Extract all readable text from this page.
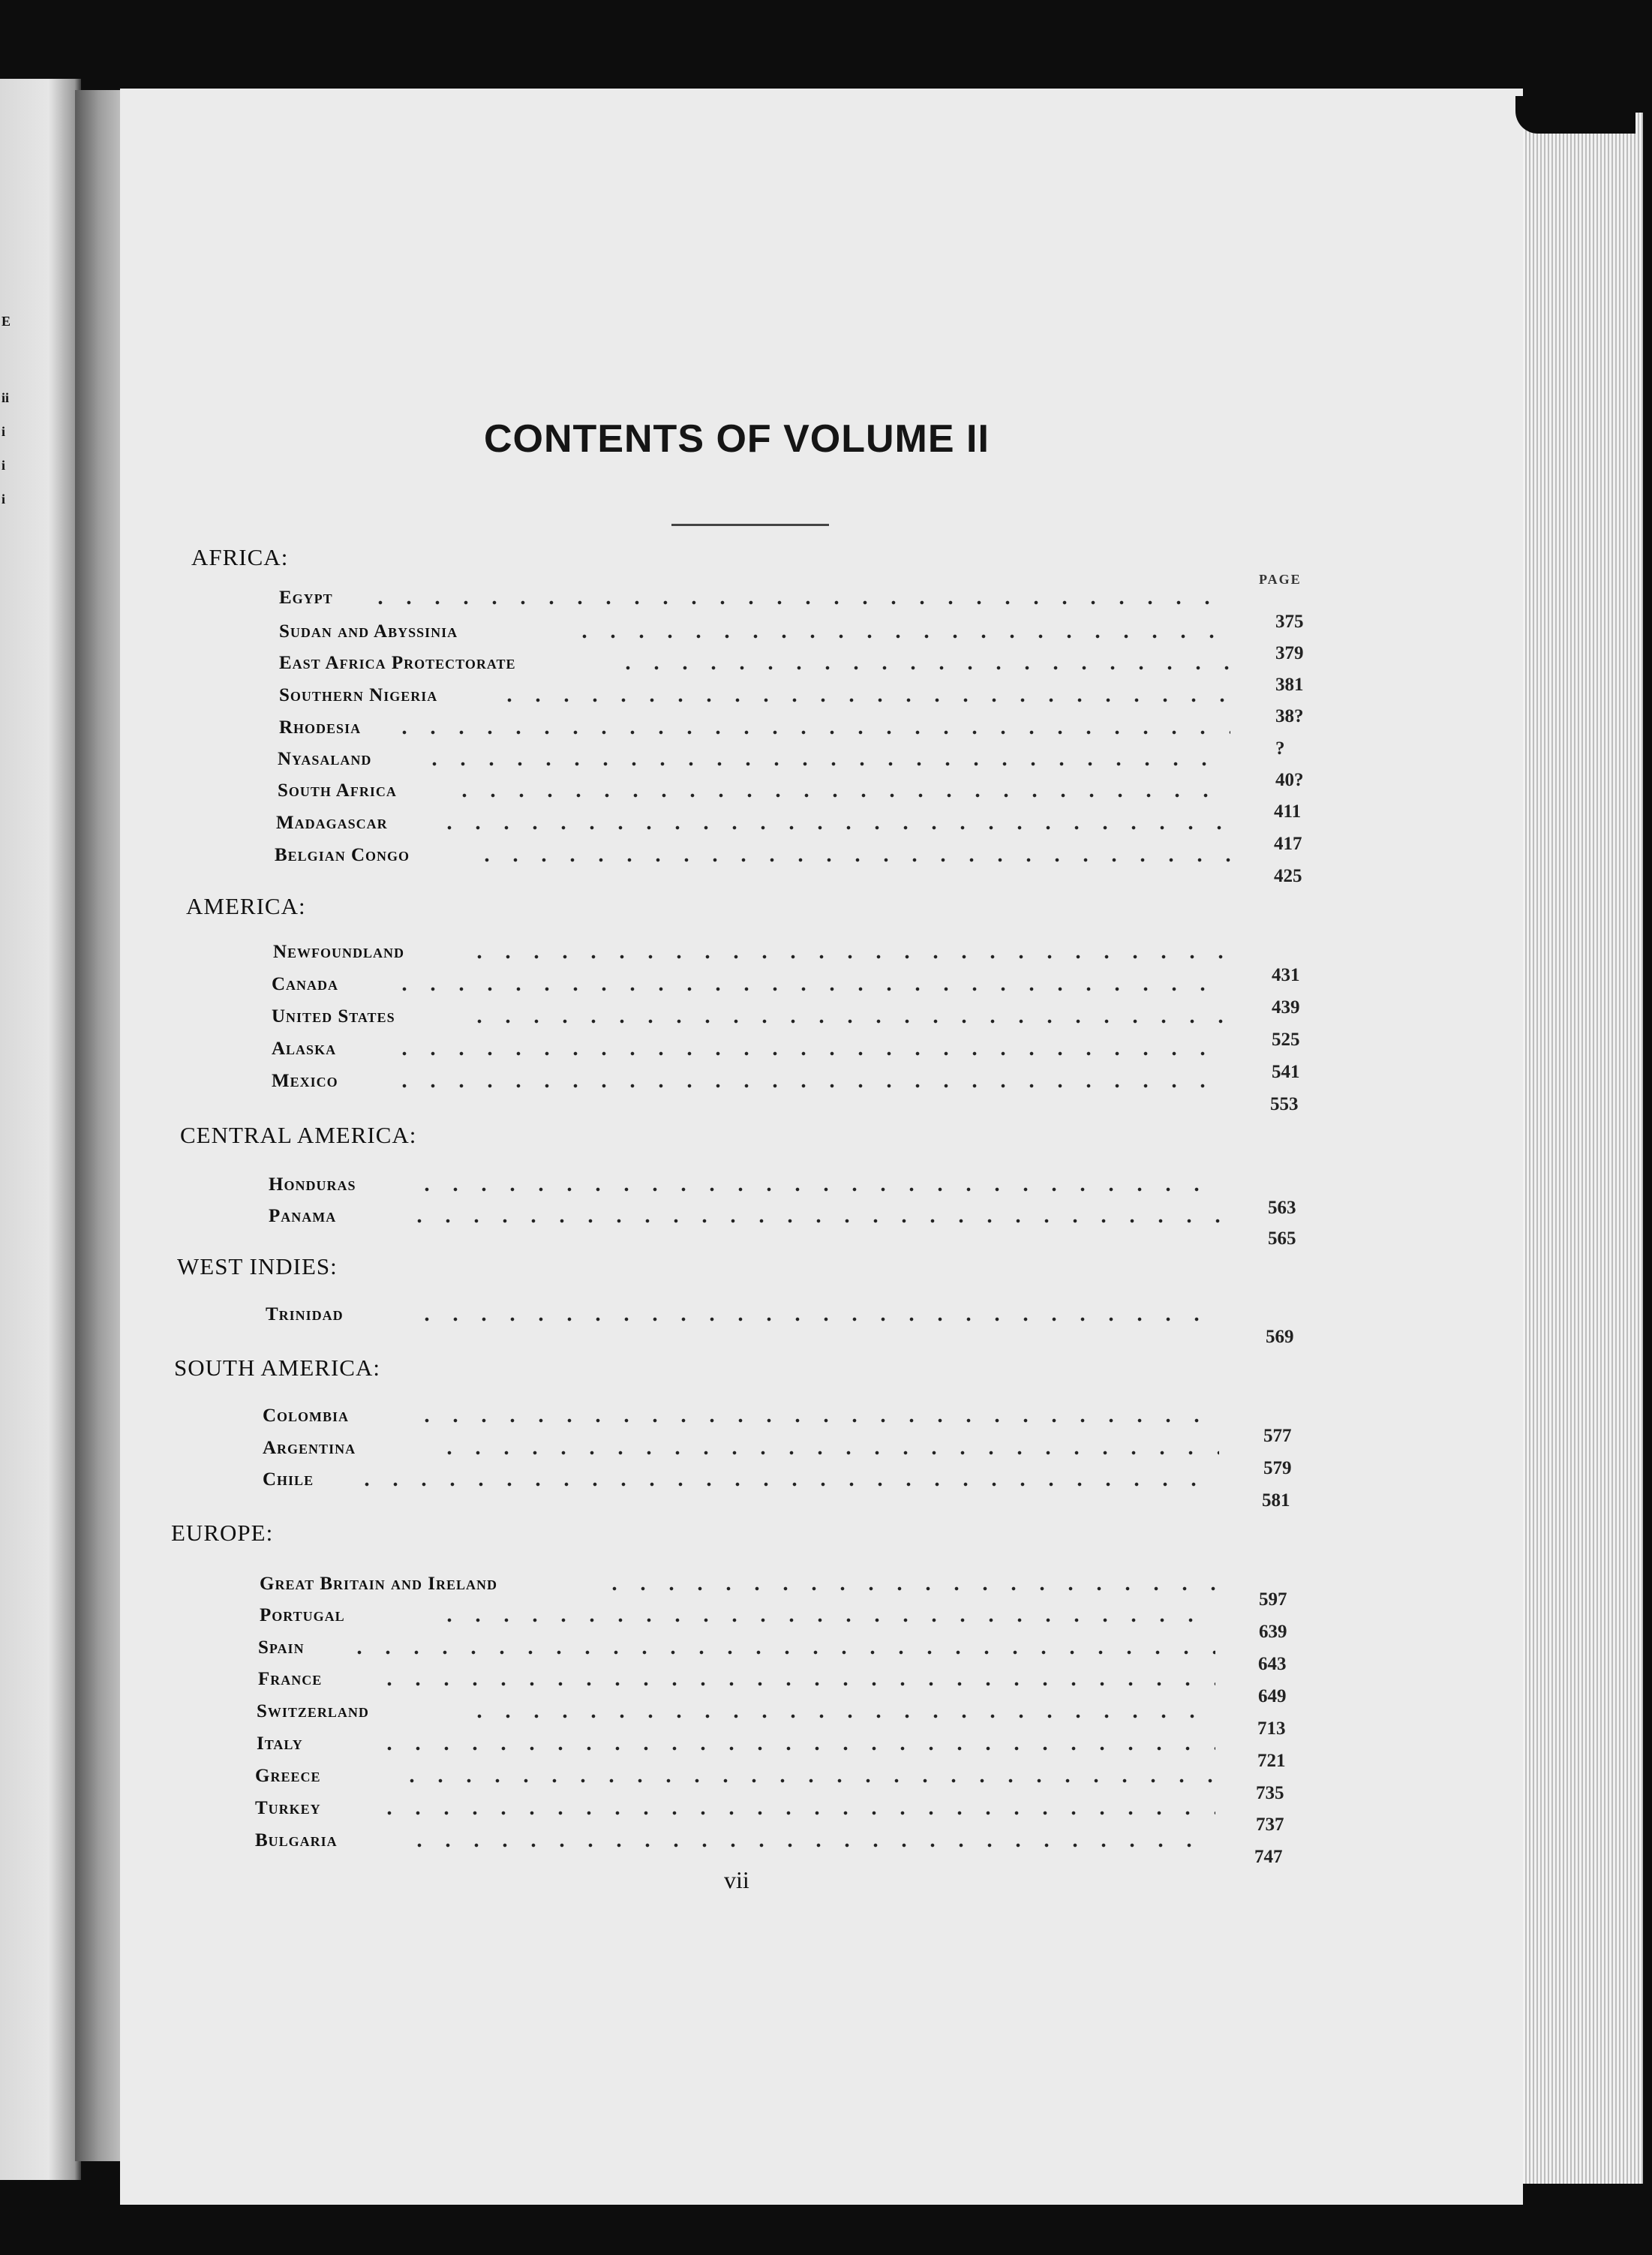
E
ii
i
i
i
CONTENTS OF VOLUME II
PAGE
AFRICA:
Egypt
375
Sudan and Abyssinia
379
East Africa Protectorate
381
Southern Nigeria
38?
Rhodesia
?
Nyasaland
40?
South Africa
411
Madagascar
417
Belgian Congo
425
AMERICA:
Newfoundland
431
Canada
439
United States
525
Alaska
541
Mexico
553
CENTRAL AMERICA:
Honduras
563
Panama
565
WEST INDIES:
Trinidad
569
SOUTH AMERICA:
Colombia
577
Argentina
579
Chile
581
EUROPE:
Great Britain and Ireland
597
Portugal
639
Spain
643
France
649
Switzerland
713
Italy
721
Greece
735
Turkey
737
Bulgaria
747
vii
